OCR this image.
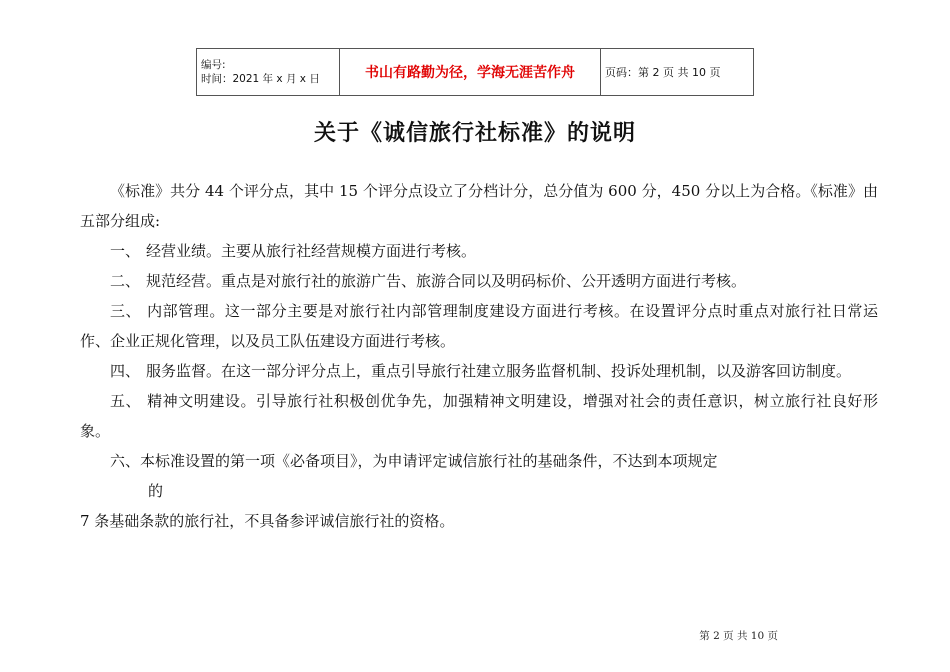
编号:
时间：2021 年 x 月 x 日	书山有路勤为径，学海无涯苦作舟	页码：第 2 页 共 10 页
关于《诚信旅行社标准》的说明

《标准》共分 44 个评分点，其中 15 个评分点设立了分档计分，总分值为 600 分，450 分以上为合格。《标准》由五部分组成:

一、 经营业绩。主要从旅行社经营规模方面进行考核。

二、 规范经营。重点是对旅行社的旅游广告、旅游合同以及明码标价、公开透明方面进行考核。

三、 内部管理。这一部分主要是对旅行社内部管理制度建设方面进行考核。在设置评分点时重点对旅行社日常运作、企业正规化管理，以及员工队伍建设方面进行考核。

四、 服务监督。在这一部分评分点上，重点引导旅行社建立服务监督机制、投诉处理机制，以及游客回访制度。

五、 精神文明建设。引导旅行社积极创优争先，加强精神文明建设，增强对社会的责任意识，树立旅行社良好形象。

六、本标准设置的第一项《必备项目》，为申请评定诚信旅行社的基础条件，不达到本项规定

的

7 条基础条款的旅行社，不具备参评诚信旅行社的资格。

第 2 页 共 10 页
